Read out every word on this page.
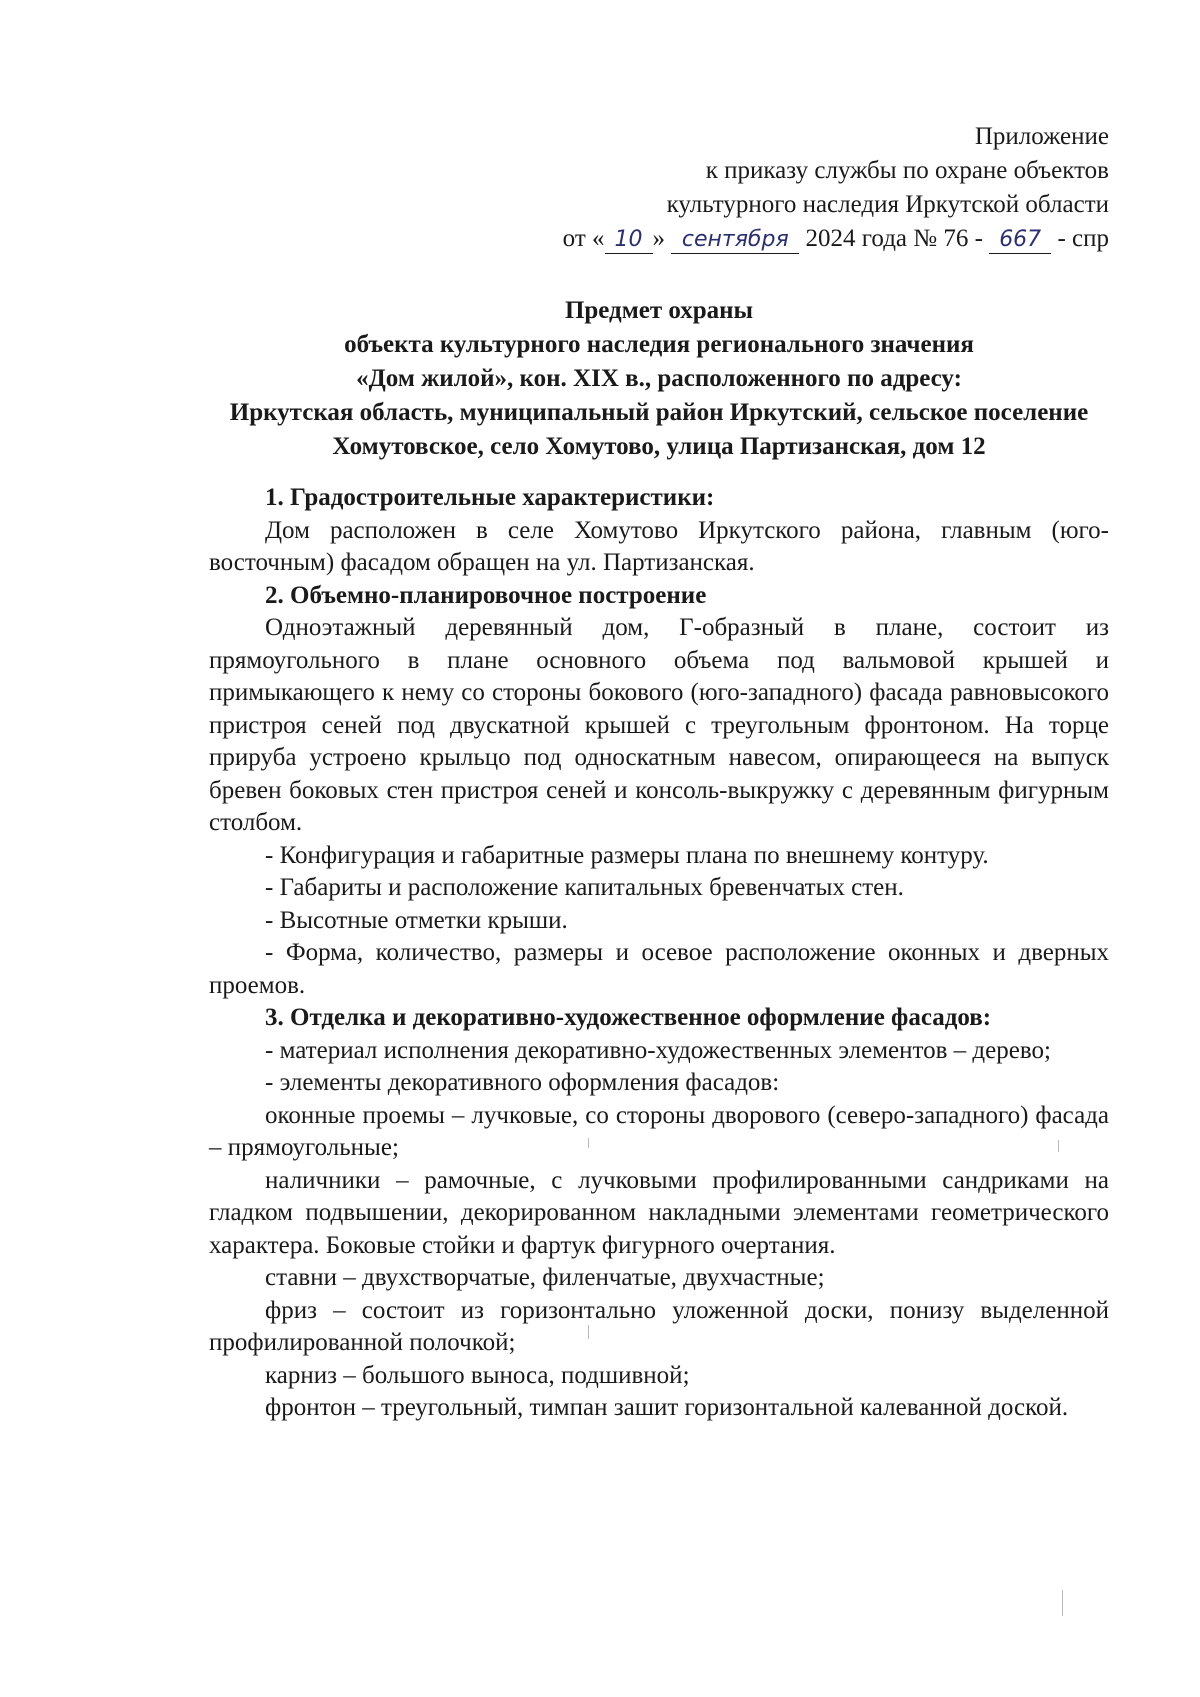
Приложение
к приказу службы по охране объектов
культурного наследия Иркутской области
от « 10 » сентября 2024 года № 76 - 667 - спр
Предмет охраны
объекта культурного наследия регионального значения
«Дом жилой», кон. XIX в., расположенного по адресу:
Иркутская область, муниципальный район Иркутский, сельское поселение Хомутовское, село Хомутово, улица Партизанская, дом 12

1. Градостроительные характеристики:

Дом расположен в селе Хомутово Иркутского района, главным (юго-восточным) фасадом обращен на ул. Партизанская.

2. Объемно-планировочное построение

Одноэтажный деревянный дом, Г-образный в плане, состоит из прямоугольного в плане основного объема под вальмовой крышей и примыкающего к нему со стороны бокового (юго-западного) фасада равновысокого пристроя сеней под двускатной крышей с треугольным фронтоном. На торце прируба устроено крыльцо под односкатным навесом, опирающееся на выпуск бревен боковых стен пристроя сеней и консоль-выкружку с деревянным фигурным столбом.

- Конфигурация и габаритные размеры плана по внешнему контуру.

- Габариты и расположение капитальных бревенчатых стен.

- Высотные отметки крыши.

- Форма, количество, размеры и осевое расположение оконных и дверных проемов.

3. Отделка и декоративно-художественное оформление фасадов:

- материал исполнения декоративно-художественных элементов – дерево;

- элементы декоративного оформления фасадов:

оконные проемы – лучковые, со стороны дворового (северо-западного) фасада – прямоугольные;

наличники – рамочные, с лучковыми профилированными сандриками на гладком подвышении, декорированном накладными элементами геометрического характера. Боковые стойки и фартук фигурного очертания.

ставни – двухстворчатые, филенчатые, двухчастные;

фриз – состоит из горизонтально уложенной доски, понизу выделенной профилированной полочкой;

карниз – большого выноса, подшивной;

фронтон – треугольный, тимпан зашит горизонтальной калеванной доской.
